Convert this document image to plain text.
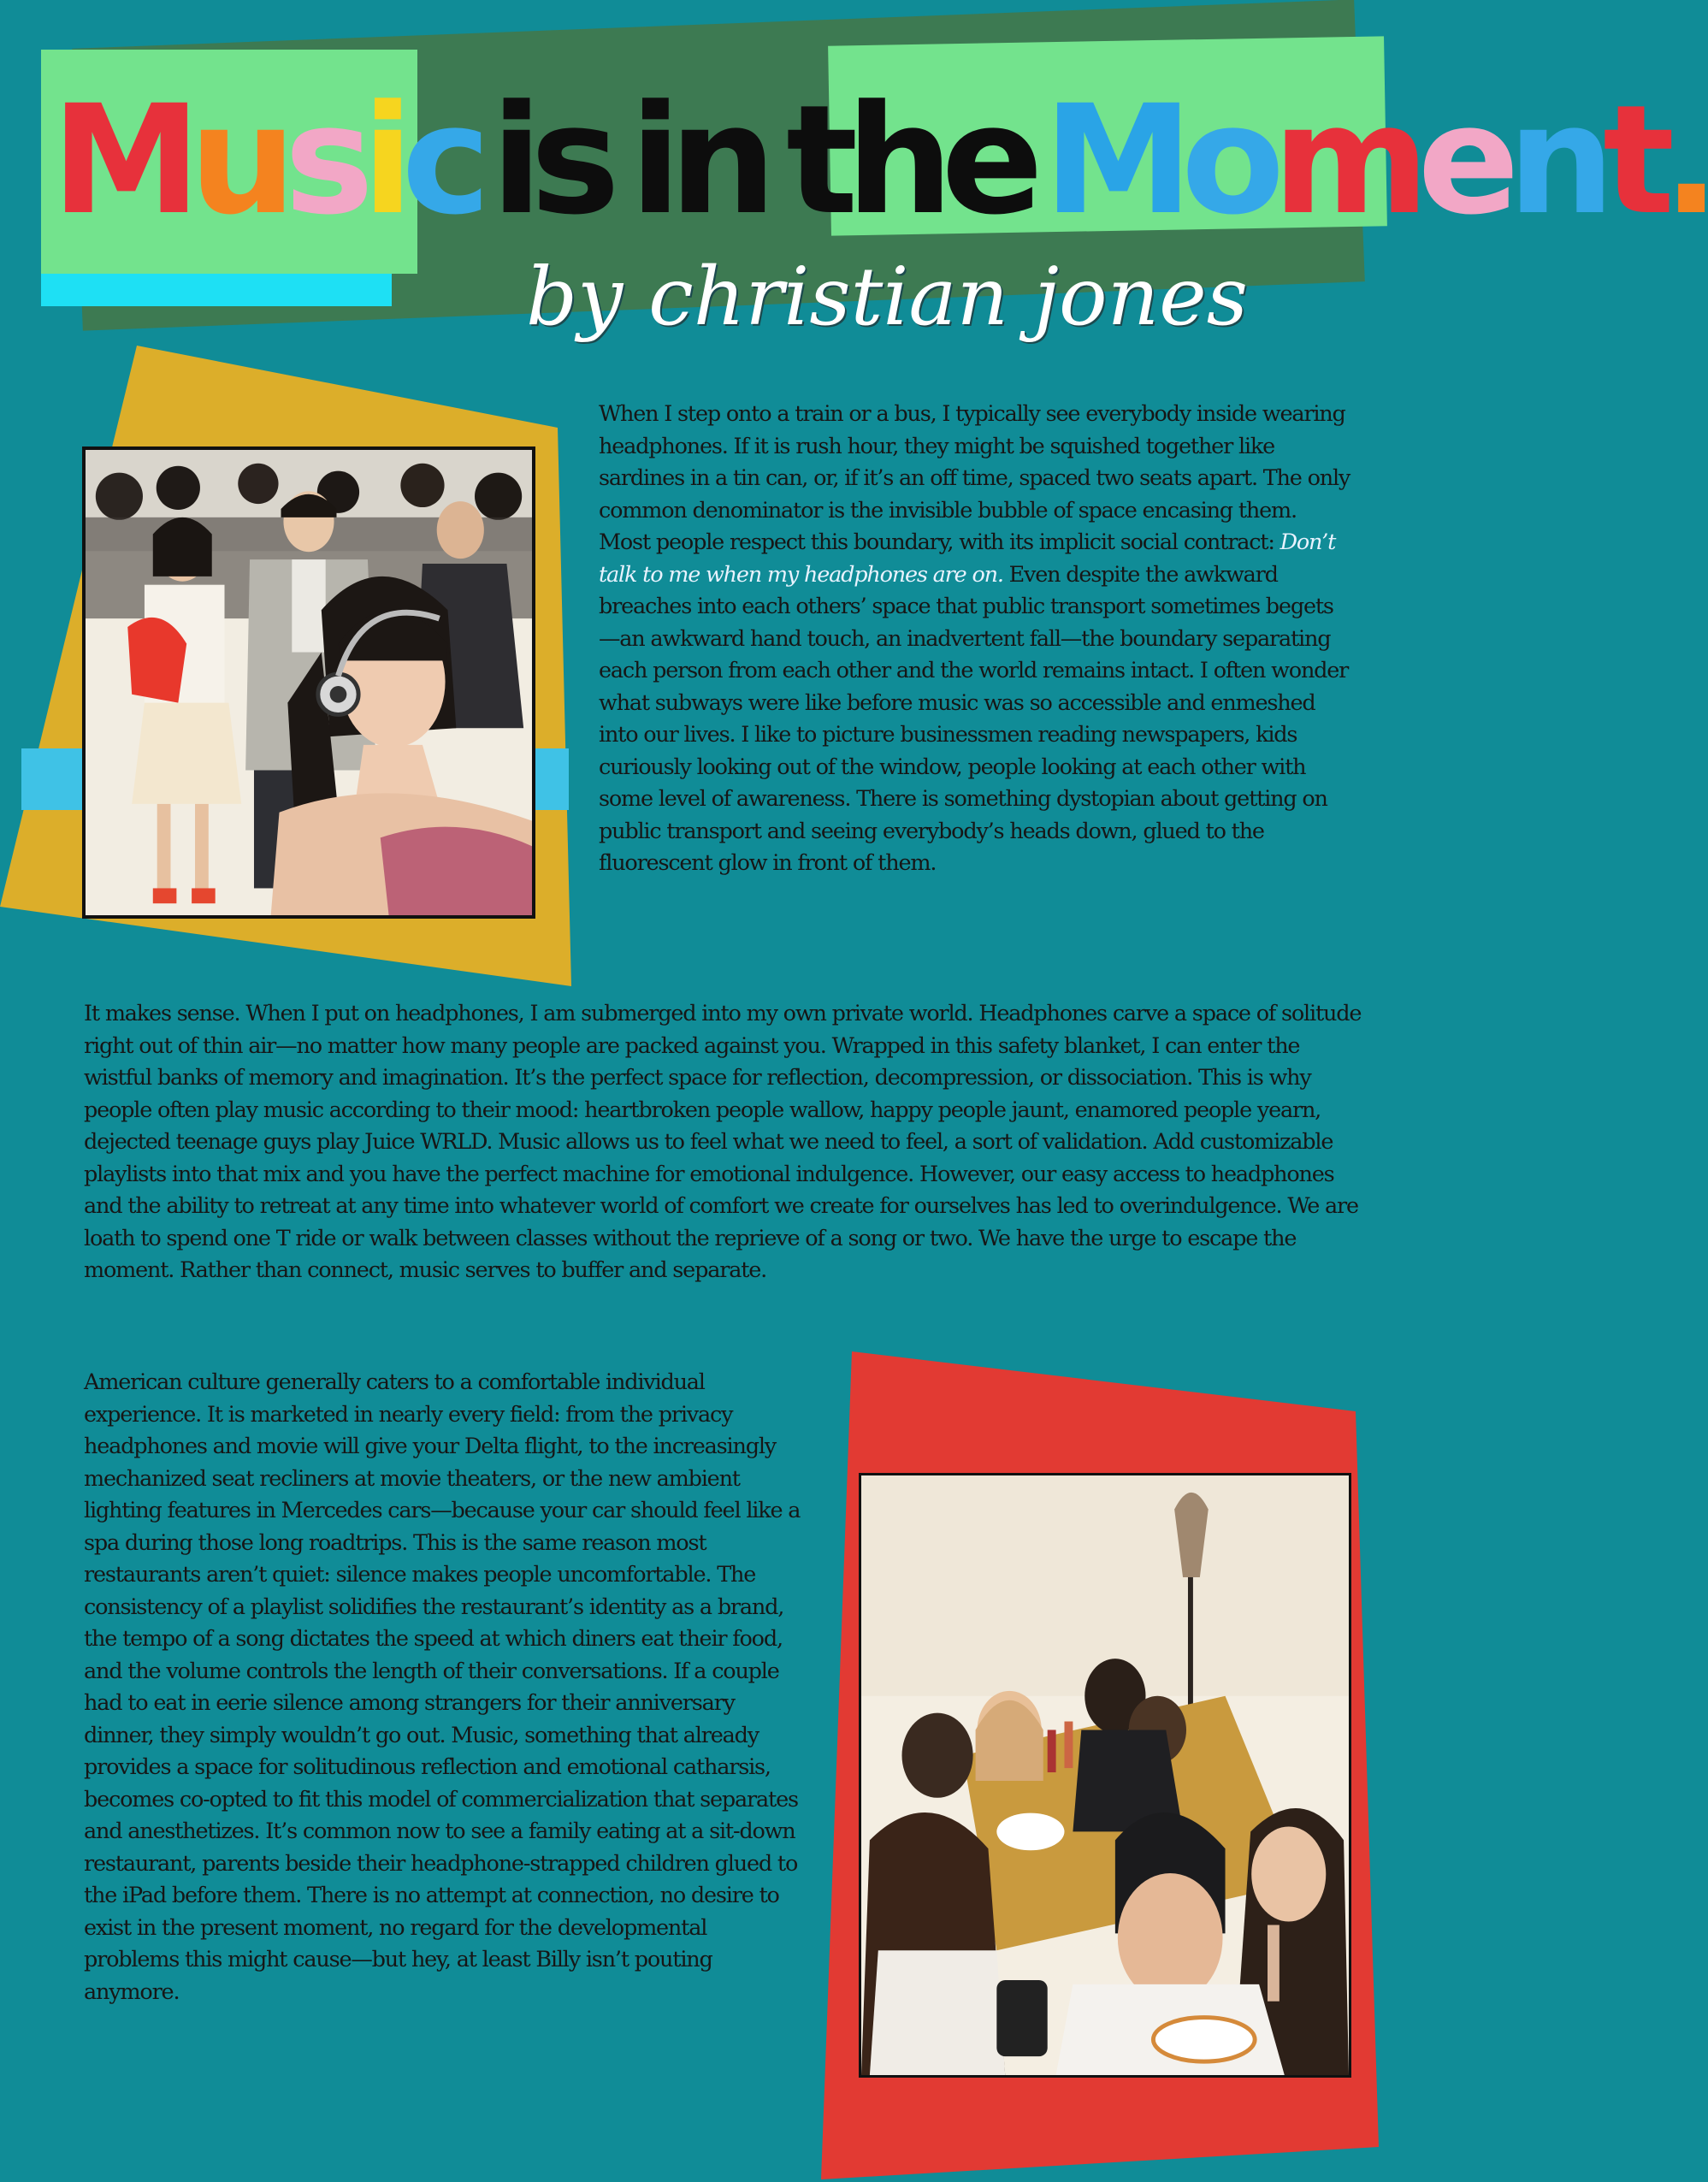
Musicis in theMoment.
by christian jones
When I step onto a train or a bus, I typically see everybody inside wearing headphones. If it is rush hour, they might be squished together like sardines in a tin can, or, if it’s an off time, spaced two seats apart. The only common denominator is the invisible bubble of space encasing them. Most people respect this boundary, with its implicit social contract: Don’t talk to me when my headphones are on. Even despite the awkward breaches into each others’ space that public transport sometimes begets—an awkward hand touch, an inadvertent fall—the boundary separating each person from each other and the world remains intact. I often wonder what subways were like before music was so accessible and enmeshed into our lives. I like to picture businessmen reading newspapers, kids curiously looking out of the window, people looking at each other with some level of awareness. There is something dystopian about getting on public transport and seeing everybody’s heads down, glued to the fluorescent glow in front of them.
It makes sense. When I put on headphones, I am submerged into my own private world. Headphones carve a space of solitude right out of thin air—no matter how many people are packed against you. Wrapped in this safety blanket, I can enter the wistful banks of memory and imagination. It’s the perfect space for reflection, decompression, or dissociation. This is why people often play music according to their mood: heartbroken people wallow, happy people jaunt, enamored people yearn, dejected teenage guys play Juice WRLD. Music allows us to feel what we need to feel, a sort of validation. Add customizable playlists into that mix and you have the perfect machine for emotional indulgence. However, our easy access to headphones and the ability to retreat at any time into whatever world of comfort we create for ourselves has led to overindulgence. We are loath to spend one T ride or walk between classes without the reprieve of a song or two. We have the urge to escape the moment. Rather than connect, music serves to buffer and separate.
American culture generally caters to a comfortable individual experience. It is marketed in nearly every field: from the privacy headphones and movie will give your Delta flight, to the increasingly mechanized seat recliners at movie theaters, or the new ambient lighting features in Mercedes cars—because your car should feel like a spa during those long roadtrips. This is the same reason most restaurants aren’t quiet: silence makes people uncomfortable. The consistency of a playlist solidifies the restaurant’s identity as a brand, the tempo of a song dictates the speed at which diners eat their food, and the volume controls the length of their conversations. If a couple had to eat in eerie silence among strangers for their anniversary dinner, they simply wouldn’t go out. Music, something that already provides a space for solitudinous reflection and emotional catharsis, becomes co-opted to fit this model of commercialization that separates and anesthetizes. It’s common now to see a family eating at a sit-down restaurant, parents beside their headphone-strapped children glued to the iPad before them. There is no attempt at connection, no desire to exist in the present moment, no regard for the developmental problems this might cause—but hey, at least Billy isn’t pouting anymore.
